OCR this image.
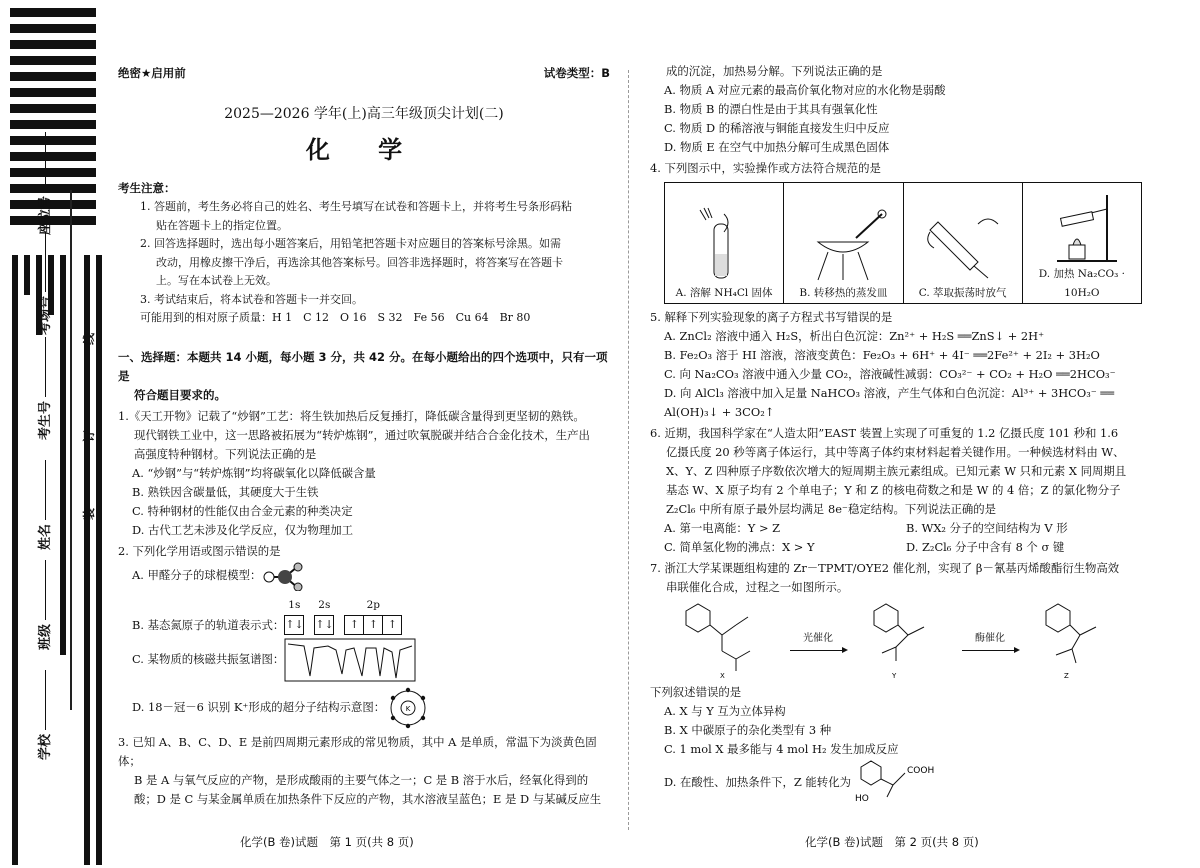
座位号
考场号
考生号
姓名
班级
学校
线
订
装
绝密★启用前	试卷类型：B
2025—2026 学年(上)高三年级顶尖计划(二)
化 学
考生注意：
1. 答题前，考生务必将自己的姓名、考生号填写在试卷和答题卡上，并将考生号条形码粘
贴在答题卡上的指定位置。
2. 回答选择题时，选出每小题答案后，用铅笔把答题卡对应题目的答案标号涂黑。如需
改动，用橡皮擦干净后，再选涂其他答案标号。回答非选择题时，将答案写在答题卡
上。写在本试卷上无效。
3. 考试结束后，将本试卷和答题卡一并交回。
可能用到的相对原子质量：H 1　C 12　O 16　S 32　Fe 56　Cu 64　Br 80
一、选择题：本题共 14 小题，每小题 3 分，共 42 分。在每小题给出的四个选项中，只有一项是
符合题目要求的。
1.《天工开物》记载了“炒钢”工艺：将生铁加热后反复捶打，降低碳含量得到更坚韧的熟铁。
现代钢铁工业中，这一思路被拓展为“转炉炼钢”，通过吹氧脱碳并结合合金化技术，生产出
高强度特种钢材。下列说法正确的是
A. “炒钢”与“转炉炼钢”均将碳氧化以降低碳含量
B. 熟铁因含碳量低，其硬度大于生铁
C. 特种钢材的性能仅由合金元素的种类决定
D. 古代工艺未涉及化学反应，仅为物理加工
2. 下列化学用语或图示错误的是
A. 甲醛分子的球棍模型：
B. 基态氮原子的轨道表示式：
1s
↑↓
2s
↑↓
2p
↑ ↑ ↑
C. 某物质的核磁共振氢谱图：
D. 18－冠－6 识别 K⁺形成的超分子结构示意图：	K
3. 已知 A、B、C、D、E 是前四周期元素形成的常见物质，其中 A 是单质，常温下为淡黄色固体；
B 是 A 与氧气反应的产物，是形成酸雨的主要气体之一；C 是 B 溶于水后，经氧化得到的
酸；D 是 C 与某金属单质在加热条件下反应的产物，其水溶液呈蓝色；E 是 D 与某碱反应生
化学(B 卷)试题　第 1 页(共 8 页)
成的沉淀，加热易分解。下列说法正确的是
A. 物质 A 对应元素的最高价氧化物对应的水化物是弱酸
B. 物质 B 的漂白性是由于其具有强氧化性
C. 物质 D 的稀溶液与铜能直接发生归中反应
D. 物质 E 在空气中加热分解可生成黑色固体
4. 下列图示中，实验操作或方法符合规范的是
A. 溶解 NH₄Cl 固体	B. 转移热的蒸发皿	C. 萃取振荡时放气

D. 加热 Na₂CO₃ · 10H₂O
5. 解释下列实验现象的离子方程式书写错误的是
A. ZnCl₂ 溶液中通入 H₂S，析出白色沉淀：Zn²⁺ + H₂S ══ZnS↓ + 2H⁺
B. Fe₂O₃ 溶于 HI 溶液，溶液变黄色：Fe₂O₃ + 6H⁺ + 4I⁻ ══2Fe²⁺ + 2I₂ + 3H₂O
C. 向 Na₂CO₃ 溶液中通入少量 CO₂，溶液碱性减弱：CO₃²⁻ + CO₂ + H₂O ══2HCO₃⁻
D. 向 AlCl₃ 溶液中加入足量 NaHCO₃ 溶液，产生气体和白色沉淀：Al³⁺ + 3HCO₃⁻ ══
Al(OH)₃↓ + 3CO₂↑
6. 近期，我国科学家在“人造太阳”EAST 装置上实现了可重复的 1.2 亿摄氏度 101 秒和 1.6
亿摄氏度 20 秒等离子体运行，其中等离子体约束材料起着关键作用。一种候选材料由 W、
X、Y、Z 四种原子序数依次增大的短周期主族元素组成。已知元素 W 只和元素 X 同周期且
基态 W、X 原子均有 2 个单电子；Y 和 Z 的核电荷数之和是 W 的 4 倍；Z 的氯化物分子
Z₂Cl₆ 中所有原子最外层均满足 8e⁻稳定结构。下列说法正确的是
A. 第一电离能：Y > Z	B. WX₂ 分子的空间结构为 V 形
C. 简单氢化物的沸点：X > Y	D. Z₂Cl₆ 分子中含有 8 个 σ 键
7. 浙江大学某课题组构建的 Zr－TPMT/OYE2 催化剂，实现了 β－氰基丙烯酸酯衍生物高效
串联催化合成，过程之一如图所示。
X
光催化
Y
酶催化
Z
下列叙述错误的是
A. X 与 Y 互为立体异构
B. X 中碳原子的杂化类型有 3 种
C. 1 mol X 最多能与 4 mol H₂ 发生加成反应
D. 在酸性、加热条件下，Z 能转化为
COOH
HO
化学(B 卷)试题　第 2 页(共 8 页)
